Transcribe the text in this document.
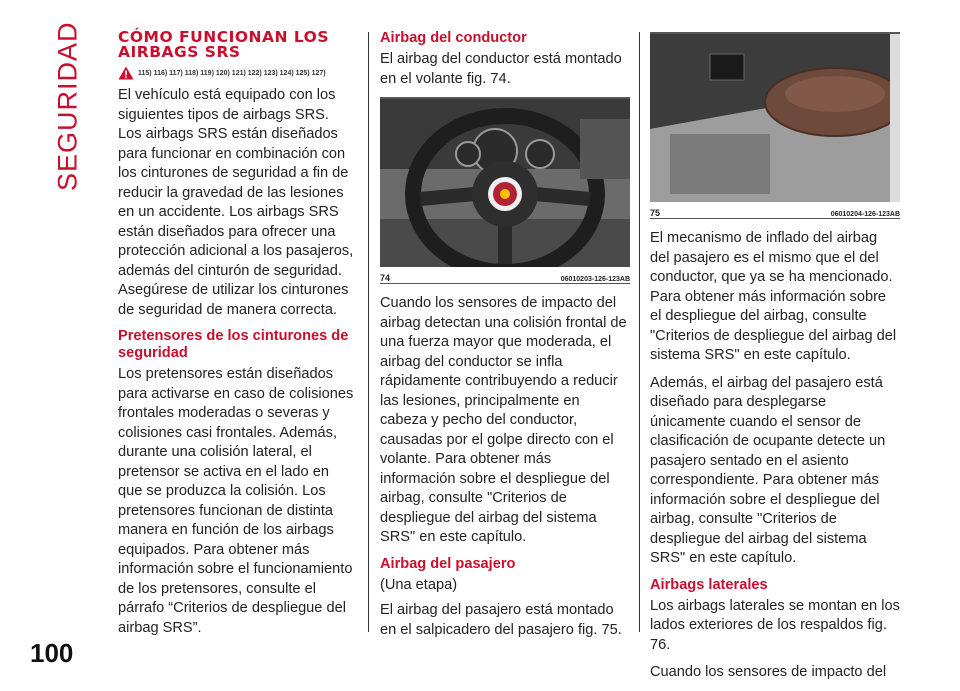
SEGURIDAD
100
CÓMO FUNCIONAN LOS
AIRBAGS SRS
115) 116) 117) 118) 119) 120) 121) 122) 123) 124) 125) 127)

El vehículo está equipado con los siguientes tipos de airbags SRS. Los airbags SRS están diseñados para funcionar en combinación con los cinturones de seguridad a fin de reducir la gravedad de las lesiones en un accidente. Los airbags SRS están diseñados para ofrecer una protección adicional a los pasajeros, además del cinturón de seguridad. Asegúrese de utilizar los cinturones de seguridad de manera correcta.

Pretensores de los cinturones de seguridad

Los pretensores están diseñados para activarse en caso de colisiones frontales moderadas o severas y colisiones casi frontales. Además, durante una colisión lateral, el pretensor se activa en el lado en que se produzca la colisión. Los pretensores funcionan de distinta manera en función de los airbags equipados. Para obtener más información sobre el funcionamiento de los pretensores, consulte el párrafo “Criterios de despliegue del airbag SRS”.

Airbag del conductor

El airbag del conductor está montado en el volante fig. 74.

74	06010203-126-123AB

Cuando los sensores de impacto del airbag detectan una colisión frontal de una fuerza mayor que moderada, el airbag del conductor se infla rápidamente contribuyendo a reducir las lesiones, principalmente en cabeza y pecho del conductor, causadas por el golpe directo con el volante. Para obtener más información sobre el despliegue del airbag, consulte "Criterios de despliegue del airbag del sistema SRS" en este capítulo.

Airbag del pasajero

(Una etapa)

El airbag del pasajero está montado en el salpicadero del pasajero fig. 75.

75	06010204-126-123AB

El mecanismo de inflado del airbag del pasajero es el mismo que el del conductor, que ya se ha mencionado. Para obtener más información sobre el despliegue del airbag, consulte "Criterios de despliegue del airbag del sistema SRS" en este capítulo.

Además, el airbag del pasajero está diseñado para desplegarse únicamente cuando el sensor de clasificación de ocupante detecte un pasajero sentado en el asiento correspondiente. Para obtener más información sobre el despliegue del airbag, consulte "Criterios de despliegue del airbag del sistema SRS" en este capítulo.

Airbags laterales

Los airbags laterales se montan en los lados exteriores de los respaldos fig. 76.

Cuando los sensores de impacto del
